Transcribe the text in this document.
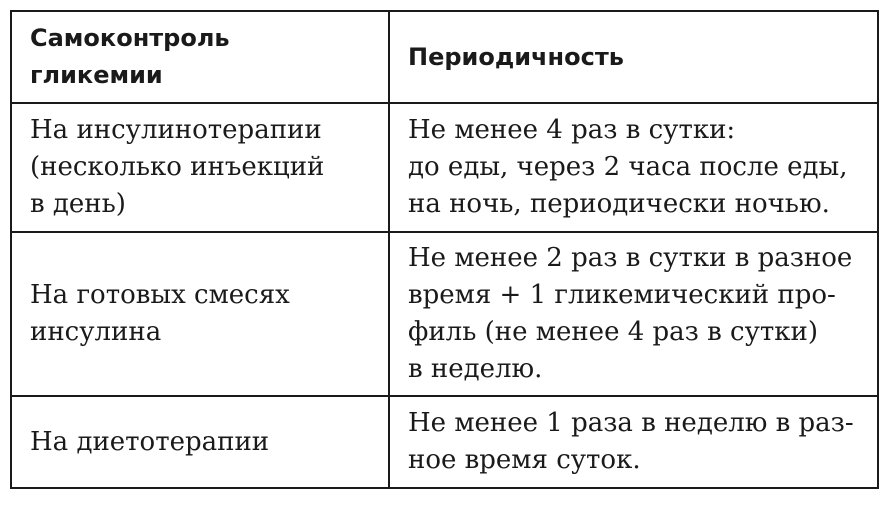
Самоконтроль
гликемии	Периодичность

На инсулинотерапии
(несколько инъекций
в день)	Не менее 4 раз в сутки:
до еды, через 2 часа после еды,
на ночь, периодически ночью.

На готовых смесях
инсулина	Не менее 2 раз в сутки в разное
время + 1 гликемический про-
филь (не менее 4 раз в сутки)
в неделю.

На диетотерапии	Не менее 1 раза в неделю в раз-
ное время суток.
